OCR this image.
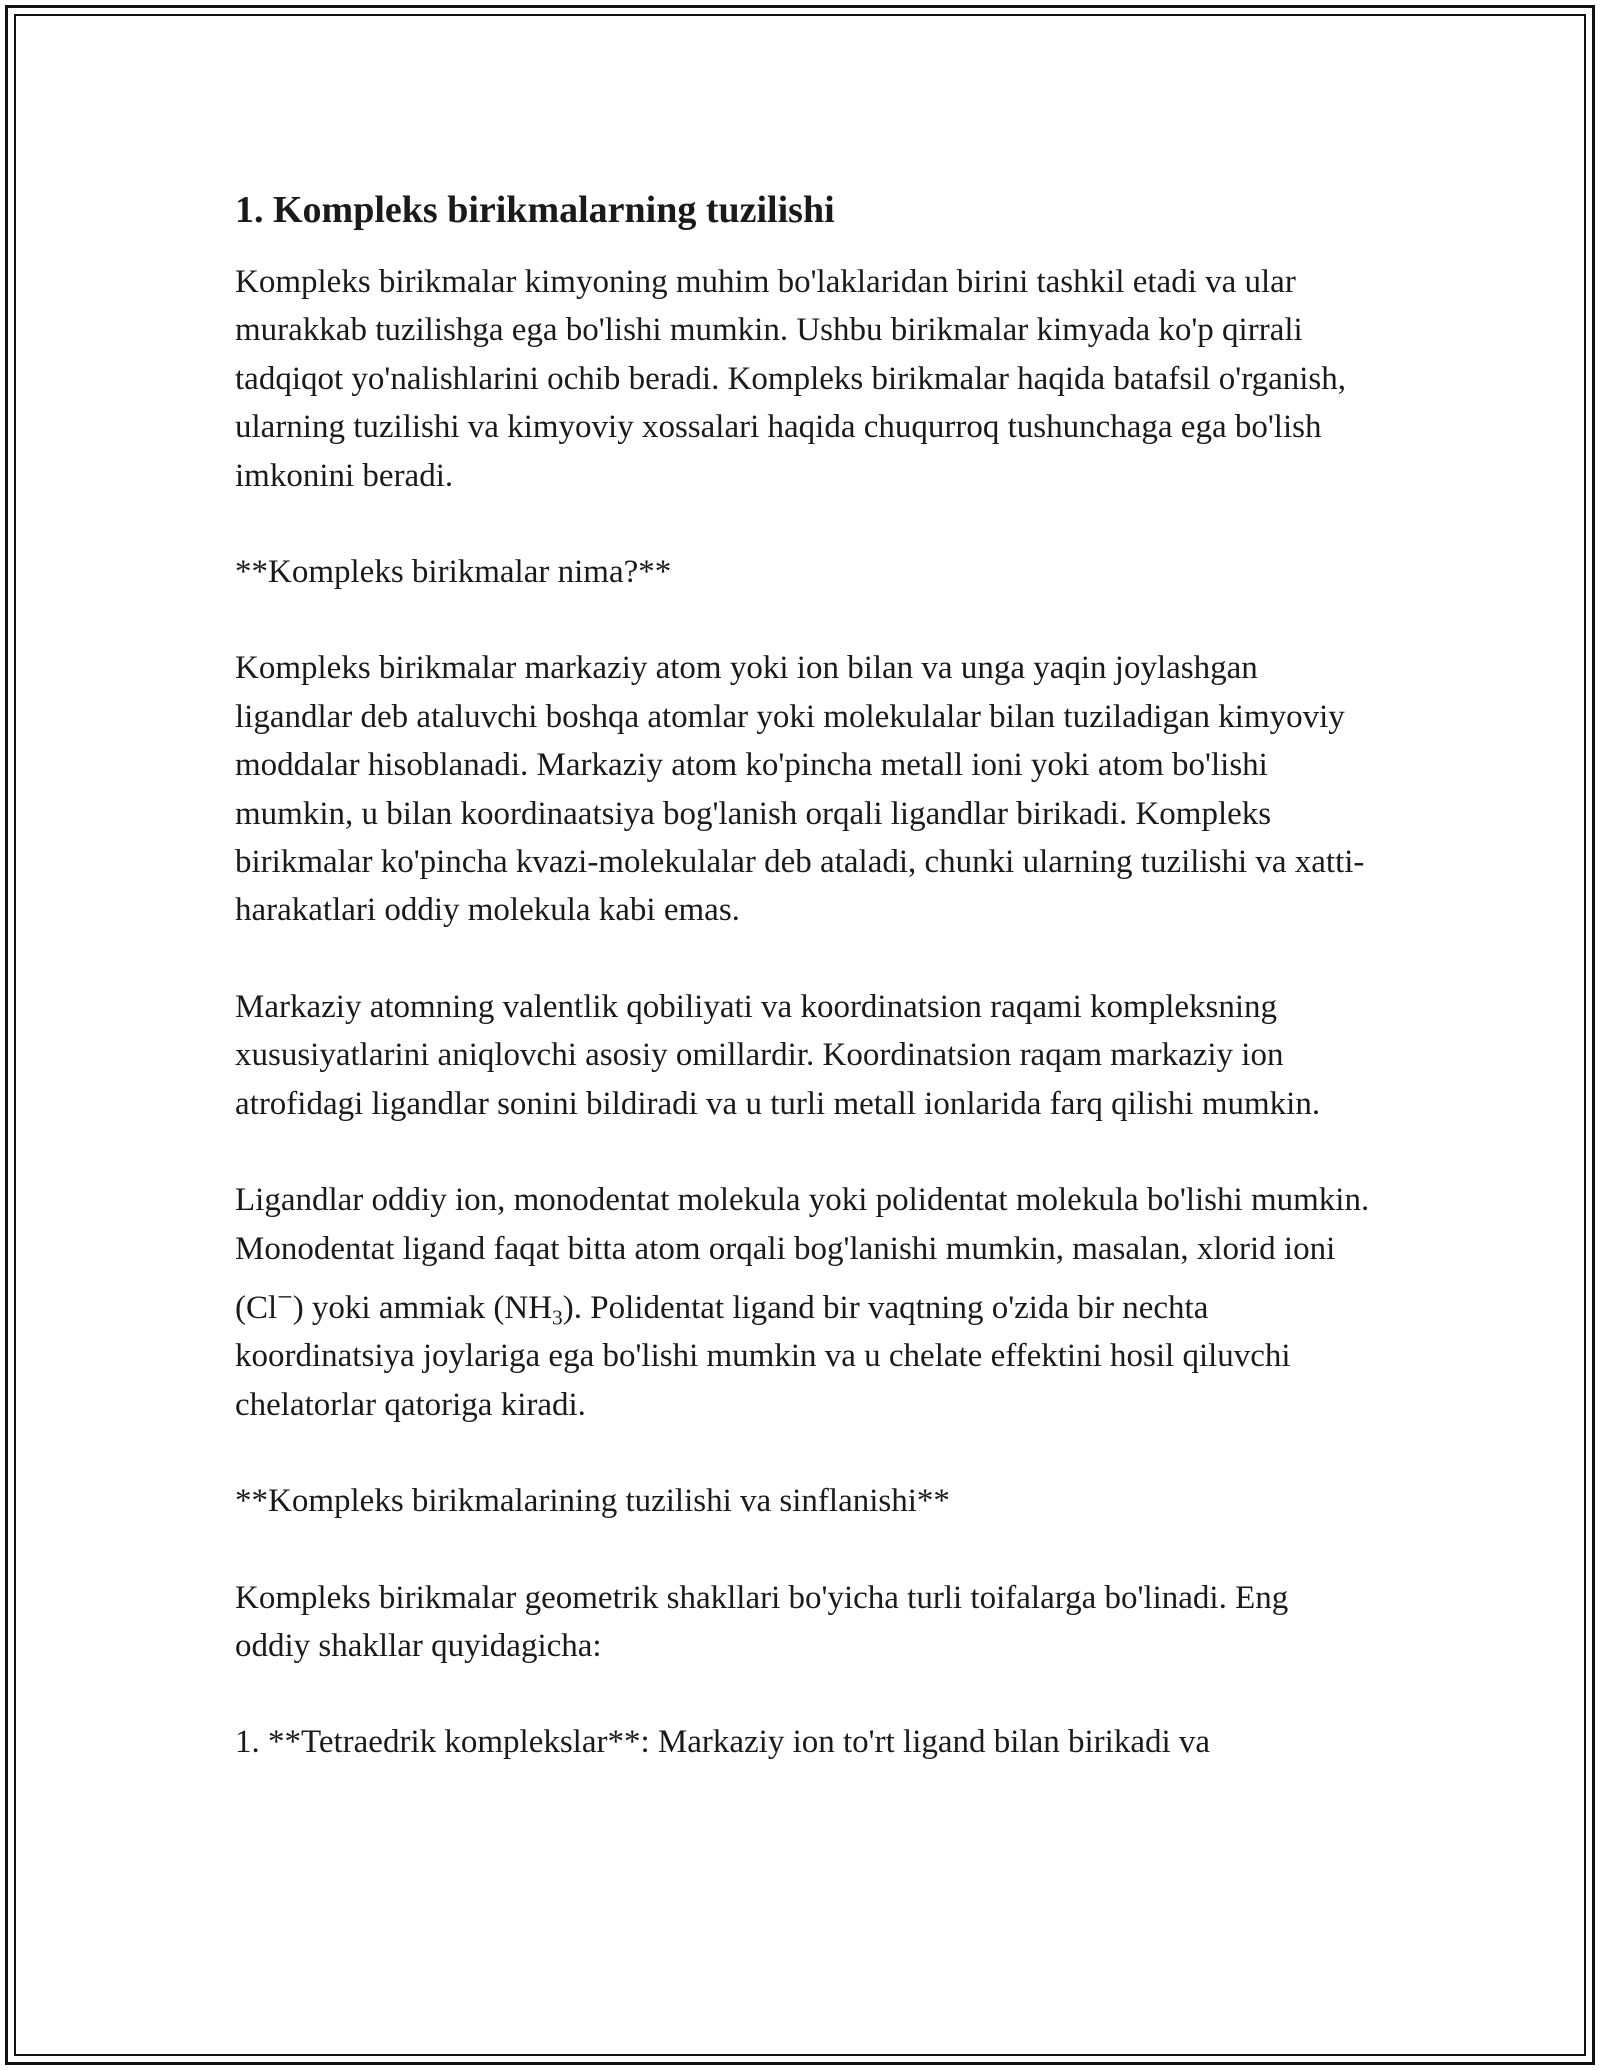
1. Kompleks birikmalarning tuzilishi

Kompleks birikmalar kimyoning muhim bo'laklaridan birini tashkil etadi va ular murakkab tuzilishga ega bo'lishi mumkin. Ushbu birikmalar kimyada ko'p qirrali tadqiqot yo'nalishlarini ochib beradi. Kompleks birikmalar haqida batafsil o'rganish, ularning tuzilishi va kimyoviy xossalari haqida chuqurroq tushunchaga ega bo'lish imkonini beradi.

**Kompleks birikmalar nima?**

Kompleks birikmalar markaziy atom yoki ion bilan va unga yaqin joylashgan ligandlar deb ataluvchi boshqa atomlar yoki molekulalar bilan tuziladigan kimyoviy moddalar hisoblanadi. Markaziy atom ko'pincha metall ioni yoki atom bo'lishi mumkin, u bilan koordinaatsiya bog'lanish orqali ligandlar birikadi. Kompleks birikmalar ko'pincha kvazi-molekulalar deb ataladi, chunki ularning tuzilishi va xatti-harakatlari oddiy molekula kabi emas.

Markaziy atomning valentlik qobiliyati va koordinatsion raqami kompleksning xususiyatlarini aniqlovchi asosiy omillardir. Koordinatsion raqam markaziy ion atrofidagi ligandlar sonini bildiradi va u turli metall ionlarida farq qilishi mumkin.

Ligandlar oddiy ion, monodentat molekula yoki polidentat molekula bo'lishi mumkin. Monodentat ligand faqat bitta atom orqali bog'lanishi mumkin, masalan, xlorid ioni (Cl−) yoki ammiak $(NH_3)$. Polidentat ligand bir vaqtning o'zida bir nechta koordinatsiya joylariga ega bo'lishi mumkin va u chelate effektini hosil qiluvchi chelatorlar qatoriga kiradi.

**Kompleks birikmalarining tuzilishi va sinflanishi**

Kompleks birikmalar geometrik shakllari bo'yicha turli toifalarga bo'linadi. Eng oddiy shakllar quyidagicha:

1. **Tetraedrik komplekslar**: Markaziy ion to'rt ligand bilan birikadi va
